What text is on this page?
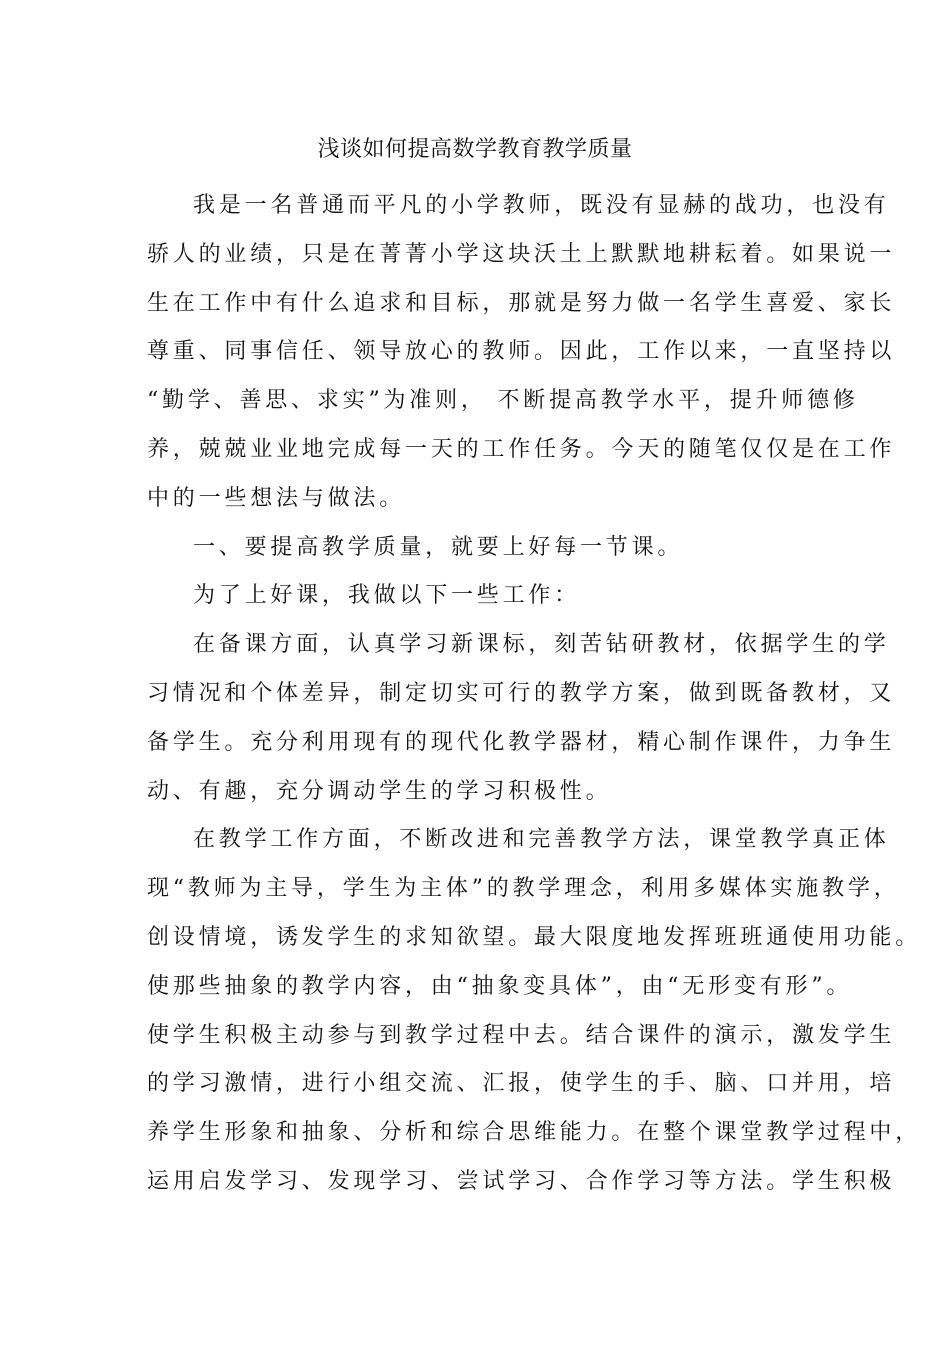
浅谈如何提高数学教育教学质量
我是一名普通而平凡的小学教师，既没有显赫的战功，也没有
骄人的业绩，只是在菁菁小学这块沃土上默默地耕耘着。如果说一
生在工作中有什么追求和目标，那就是努力做一名学生喜爱、家长
尊重、同事信任、领导放心的教师。因此，工作以来，一直坚持以
“勤学、善思、求实”为准则， 不断提高教学水平，提升师德修
养，兢兢业业地完成每一天的工作任务。今天的随笔仅仅是在工作
中的一些想法与做法。
一、要提高教学质量，就要上好每一节课。
为了上好课，我做以下一些工作：
在备课方面，认真学习新课标，刻苦钻研教材，依据学生的学
习情况和个体差异，制定切实可行的教学方案，做到既备教材，又
备学生。充分利用现有的现代化教学器材，精心制作课件，力争生
动、有趣，充分调动学生的学习积极性。
在教学工作方面，不断改进和完善教学方法，课堂教学真正体
现“教师为主导，学生为主体”的教学理念，利用多媒体实施教学，
创设情境，诱发学生的求知欲望。最大限度地发挥班班通使用功能。
使那些抽象的教学内容，由“抽象变具体”，由“无形变有形”。
使学生积极主动参与到教学过程中去。结合课件的演示，激发学生
的学习激情，进行小组交流、汇报，使学生的手、脑、口并用，培
养学生形象和抽象、分析和综合思维能力。在整个课堂教学过程中，
运用启发学习、发现学习、尝试学习、合作学习等方法。学生积极
